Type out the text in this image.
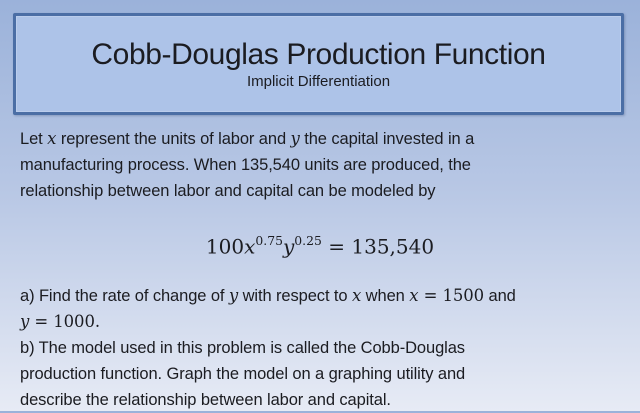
Cobb-Douglas Production Function
Implicit Differentiation
Let x represent the units of labor and y the capital invested in a
manufacturing process. When 135,540 units are produced, the
relationship between labor and capital can be modeled by
$100x^{0.75}y^{0.25} = 135,540$
a) Find the rate of change of y with respect to x when x = 1500 and
y = 1000.
b) The model used in this problem is called the Cobb-Douglas
production function. Graph the model on a graphing utility and
describe the relationship between labor and capital.
